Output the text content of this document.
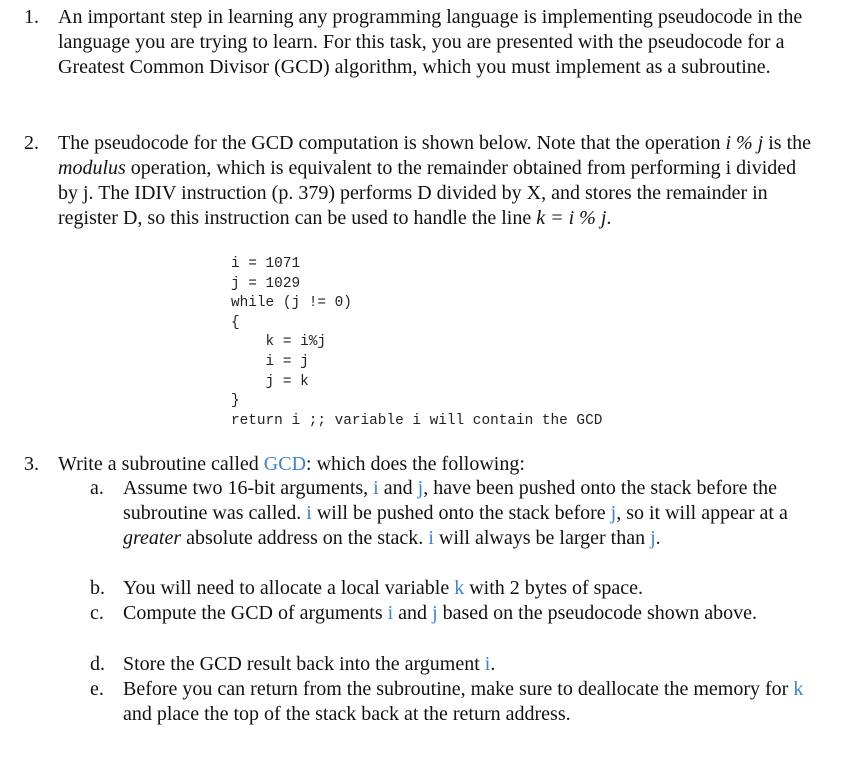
1. An important step in learning any programming language is implementing pseudocode in the language you are trying to learn. For this task, you are presented with the pseudocode for a Greatest Common Divisor (GCD) algorithm, which you must implement as a subroutine.
2. The pseudocode for the GCD computation is shown below. Note that the operation i % j is the modulus operation, which is equivalent to the remainder obtained from performing i divided by j. The IDIV instruction (p. 379) performs D divided by X, and stores the remainder in register D, so this instruction can be used to handle the line k = i % j.
i = 1071
j = 1029
while (j != 0)
{
k = i%j
i = j
j = k
}
return i ;; variable i will contain the GCD
3. Write a subroutine called GCD: which does the following:
a. Assume two 16-bit arguments, i and j, have been pushed onto the stack before the subroutine was called. i will be pushed onto the stack before j, so it will appear at a greater absolute address on the stack. i will always be larger than j.
b. You will need to allocate a local variable k with 2 bytes of space.
c. Compute the GCD of arguments i and j based on the pseudocode shown above.
d. Store the GCD result back into the argument i.
e. Before you can return from the subroutine, make sure to deallocate the memory for k and place the top of the stack back at the return address.
